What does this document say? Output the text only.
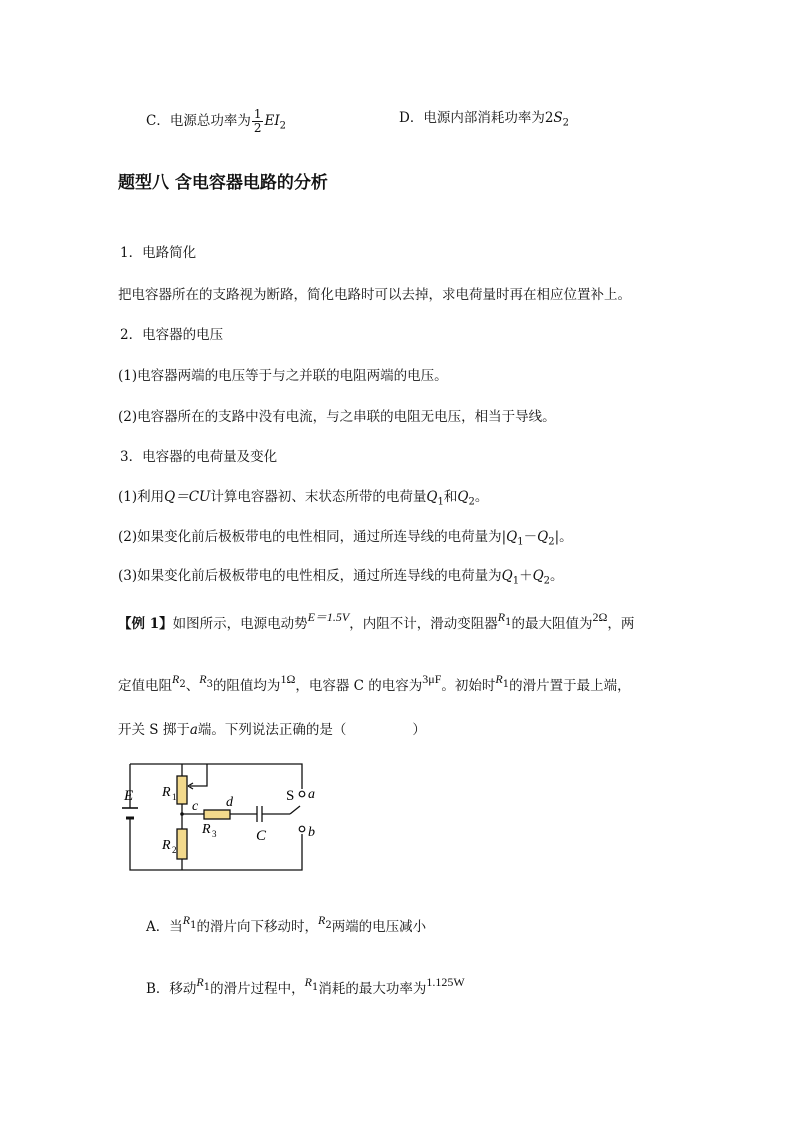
C．电源总功率为 $\frac{1}{2} EI_2$
D．电源内部消耗功率为$2S_2$
题型八 含电容器电路的分析
1．电路简化
把电容器所在的支路视为断路，简化电路时可以去掉，求电荷量时再在相应位置补上。
2．电容器的电压
(1)电容器两端的电压等于与之并联的电阻两端的电压。
(2)电容器所在的支路中没有电流，与之串联的电阻无电压，相当于导线。
3．电容器的电荷量及变化
(1)利用Q＝CU计算电容器初、末状态所带的电荷量$Q_1$和$Q_2$。
(2)如果变化前后极板带电的电性相同，通过所连导线的电荷量为$|Q_1-Q_2|$。
(3)如果变化前后极板带电的电性相反，通过所连导线的电荷量为$Q_1+Q_2$。
【例 1】如图所示，电源电动势E＝1.5V，内阻不计，滑动变阻器$R_1$的最大阻值为2Ω，两
定值电阻$R_2$、$R_3$的阻值均为1Ω，电容器 C 的电容为3μF。初始时$R_1$的滑片置于最上端，
开关 S 掷于a端。下列说法正确的是（	）
E R 1
R 2
R 3
c d
C
S a
b
A．当$R_1$的滑片向下移动时，$R_2$两端的电压减小
B．移动$R_1$的滑片过程中，$R_1$消耗的最大功率为1.125W
